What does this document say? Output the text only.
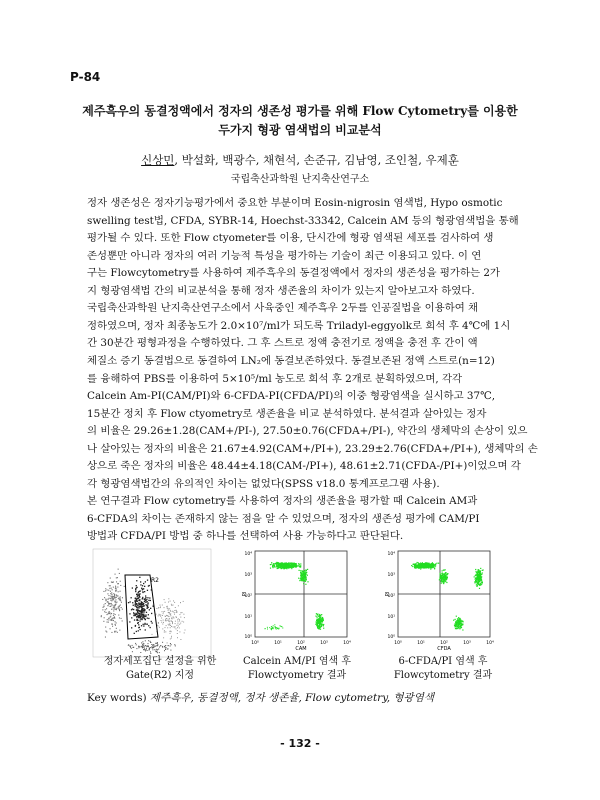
P-84
제주흑우의 동결정액에서 정자의 생존성 평가를 위해 Flow Cytometry를 이용한
두가지 형광 염색법의 비교분석
신상민, 박설화, 백광수, 채현석, 손준규, 김남영, 조인철, 우제훈
국립축산과학원 난지축산연구소
정자 생존성은 정자기능평가에서 중요한 부분이며 Eosin-nigrosin 염색법, Hypo osmotic
swelling test법, CFDA, SYBR-14, Hoechst-33342, Calcein AM 등의 형광염색법을 통해
평가될 수 있다. 또한 Flow ctyometer를 이용, 단시간에 형광 염색된 세포를 검사하여 생
존성뿐만 아니라 정자의 여러 기능적 특성을 평가하는 기술이 최근 이용되고 있다. 이 연
구는 Flowcytometry를 사용하여 제주흑우의 동결정액에서 정자의 생존성을 평가하는 2가
지 형광염색법 간의 비교분석을 통해 정자 생존율의 차이가 있는지 알아보고자 하였다.
국립축산과학원 난지축산연구소에서 사육중인 제주흑우 2두를 인공질법을 이용하여 채
정하였으며, 정자 최종농도가 2.0×10⁷/ml가 되도록 Triladyl-eggyolk로 희석 후 4℃에 1시
간 30분간 평형과정을 수행하였다. 그 후 스트로 정액 충전기로 정액을 충전 후 간이 액
체질소 증기 동결법으로 동결하여 LN₂에 동결보존하였다. 동결보존된 정액 스트로(n=12)
를 융해하여 PBS를 이용하여 5×10⁵/ml 농도로 희석 후 2개로 분획하였으며, 각각
Calcein Am-PI(CAM/PI)와 6-CFDA-PI(CFDA/PI)의 이중 형광염색을 실시하고 37℃,
15분간 정치 후 Flow ctyometry로 생존율을 비교 분석하였다. 분석결과 살아있는 정자
의 비율은 29.26±1.28(CAM+/PI-), 27.50±0.76(CFDA+/PI-), 약간의 생체막의 손상이 있으
나 살아있는 정자의 비율은 21.67±4.92(CAM+/PI+), 23.29±2.76(CFDA+/PI+), 생체막의 손
상으로 죽은 정자의 비율은 48.44±4.18(CAM-/PI+), 48.61±2.71(CFDA-/PI+)이었으며 각
각 형광염색법간의 유의적인 차이는 없었다(SPSS v18.0 통계프로그램 사용).
본 연구결과 Flow cytometry를 사용하여 정자의 생존율을 평가할 때 Calcein AM과
6-CFDA의 차이는 존재하지 않는 점을 알 수 있었으며, 정자의 생존성 평가에 CAM/PI
방법과 CFDA/PI 방법 중 하나를 선택하여 사용 가능하다고 판단된다.
R2
10⁴
10³
10²
10¹
10⁰
10⁰	10¹	10²	10³	10⁴
CAM
PI
10⁴
10³
10²
10¹
10⁰
10⁰	10¹	10²	10³	10⁴
CFDA
PI
정자세포집단 설정을 위한
Gate(R2) 지정
Calcein AM/PI 염색 후
Flowctyometry 결과
6-CFDA/PI 염색 후
Flowcytometry 결과
Key words) 제주흑우, 동결정액, 정자 생존율, Flow cytometry, 형광염색
- 132 -
